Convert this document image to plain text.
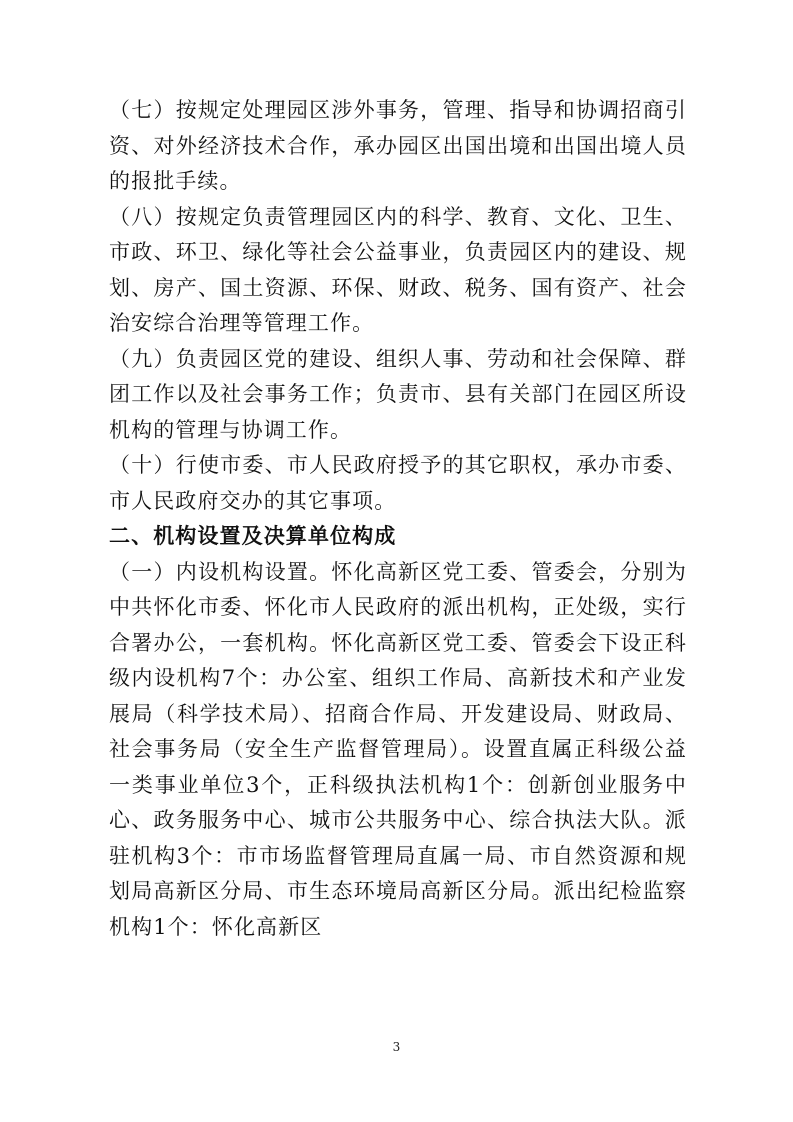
（七）按规定处理园区涉外事务，管理、指导和协调招商引资、对外经济技术合作，承办园区出国出境和出国出境人员的报批手续。

（八）按规定负责管理园区内的科学、教育、文化、卫生、市政、环卫、绿化等社会公益事业，负责园区内的建设、规划、房产、国土资源、环保、财政、税务、国有资产、社会治安综合治理等管理工作。

（九）负责园区党的建设、组织人事、劳动和社会保障、群团工作以及社会事务工作；负责市、县有关部门在园区所设机构的管理与协调工作。

（十）行使市委、市人民政府授予的其它职权，承办市委、市人民政府交办的其它事项。

二、机构设置及决算单位构成

（一）内设机构设置。怀化高新区党工委、管委会，分别为中共怀化市委、怀化市人民政府的派出机构，正处级，实行合署办公，一套机构。怀化高新区党工委、管委会下设正科级内设机构7个：办公室、组织工作局、高新技术和产业发展局（科学技术局）、招商合作局、开发建设局、财政局、社会事务局（安全生产监督管理局）。设置直属正科级公益一类事业单位3个，正科级执法机构1个：创新创业服务中心、政务服务中心、城市公共服务中心、综合执法大队。派驻机构3个：市市场监督管理局直属一局、市自然资源和规划局高新区分局、市生态环境局高新区分局。派出纪检监察机构1个：怀化高新区

3
